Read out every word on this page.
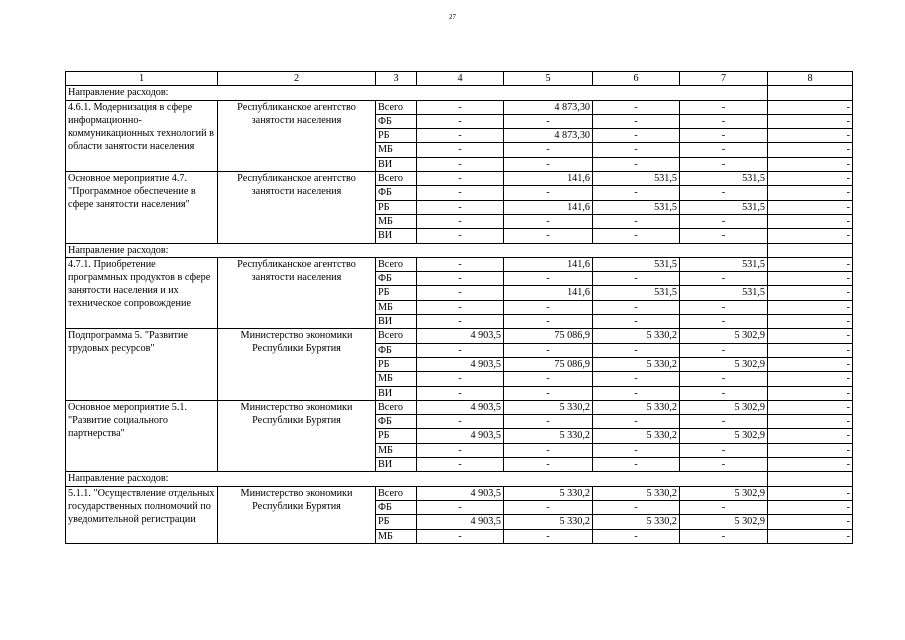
27
1	2	3	4	5	6	7	8
Направление расходов:							
4.6.1. Модернизация в сфере информационно-коммуникационных технологий в области занятости населения	Республиканское агентство занятости населения	Всего	-	4 873,30	-	-	-
		ФБ	-	-	-	-	-
		РБ	-	4 873,30	-	-	-
		МБ	-	-	-	-	-
		ВИ	-	-	-	-	-
Основное мероприятие 4.7. "Программное обеспечение в сфере занятости населения"	Республиканское агентство занятости населения	Всего	-	141,6	531,5	531,5	-
		ФБ	-	-	-	-	-
		РБ	-	141,6	531,5	531,5	-
		МБ	-	-	-	-	-
		ВИ	-	-	-	-	-
Направление расходов:							
4.7.1. Приобретение программных продуктов в сфере занятости населения и их техническое сопровождение	Республиканское агентство занятости населения	Всего	-	141,6	531,5	531,5	-
		ФБ	-	-	-	-	-
		РБ	-	141,6	531,5	531,5	-
		МБ	-	-	-	-	-
		ВИ	-	-	-	-	-
Подпрограмма 5. "Развитие трудовых ресурсов"	Министерство экономики Республики Бурятия	Всего	4 903,5	75 086,9	5 330,2	5 302,9	-
		ФБ	-	-	-	-	-
		РБ	4 903,5	75 086,9	5 330,2	5 302,9	-
		МБ	-	-	-	-	-
		ВИ	-	-	-	-	-
Основное мероприятие 5.1. "Развитие социального партнерства"	Министерство экономики Республики Бурятия	Всего	4 903,5	5 330,2	5 330,2	5 302,9	-
		ФБ	-	-	-	-	-
		РБ	4 903,5	5 330,2	5 330,2	5 302,9	-
		МБ	-	-	-	-	-
		ВИ	-	-	-	-	-
Направление расходов:							
5.1.1. "Осуществление отдельных государственных полномочий по уведомительной регистрации	Министерство экономики Республики Бурятия	Всего	4 903,5	5 330,2	5 330,2	5 302,9	-
		ФБ	-	-	-	-	-
		РБ	4 903,5	5 330,2	5 330,2	5 302,9	-
		МБ	-	-	-	-	-
